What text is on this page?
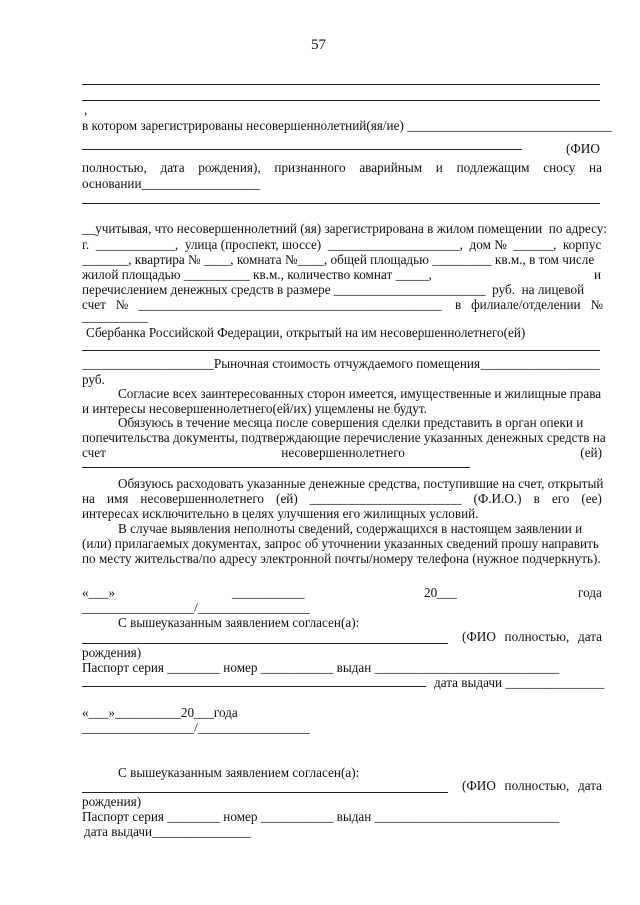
57
,
в котором зарегистрированы несовершеннолетний(яя/ие) _______________________________
(ФИО
полностью, дата рождения), признанного аварийным и подлежащим сносу на
основании__________________
__учитывая, что несовершеннолетний (яя) зарегистрирована в жилом помещении  по адресу:
г.  ____________,  улица (проспект, шоссе)  ____________________,  дом №  ______,  корпус
_______, квартира № ____, комната №____, общей площадью _________ кв.м., в том числе
жилой площадью __________ кв.м., количество комнат _____,	и
перечислением денежных средств в размере _______________________  руб.  на лицевой
счет   №   ______________________________________________ в   филиале/отделении   №
__________
Сбербанка Российской Федерации, открытый на им несовершеннолетнего(ей)
____________________Рыночная стоимость отчуждаемого помещения __________________
руб.
Согласие всех заинтересованных сторон имеется, имущественные и жилищные права
и интересы несовершеннолетнего(ей/их) ущемлены не будут.
Обязуюсь в течение месяца после совершения сделки представить в орган опеки и
попечительства документы, подтверждающие перечисление указанных денежных средств на
счет	несовершеннолетнего	(ей)
Обязуюсь расходовать указанные денежные средства, поступившие на счет, открытый
на имя несовершеннолетнего (ей) _______________________ (Ф.И.О.) в его (ее)
интересах исключительно в целях улучшения его жилищных условий.
В случае выявления неполноты сведений, содержащихся в настоящем заявлении и
(или) прилагаемых документах, запрос об уточнении указанных сведений прошу направить
по месту жительства/по адресу электронной почты/номеру телефона (нужное подчеркнуть).
«___»	___________	20___	года
_________________/_________________
С вышеуказанным заявлением согласен(а):
(ФИО полностью, дата
рождения)
Паспорт серия ________ номер ___________ выдан ____________________________
дата выдачи _______________
«___»__________20___года
_________________/_________________
С вышеуказанным заявлением согласен(а):
(ФИО полностью, дата
рождения)
Паспорт серия ________ номер ___________ выдан ____________________________
дата выдачи_______________
